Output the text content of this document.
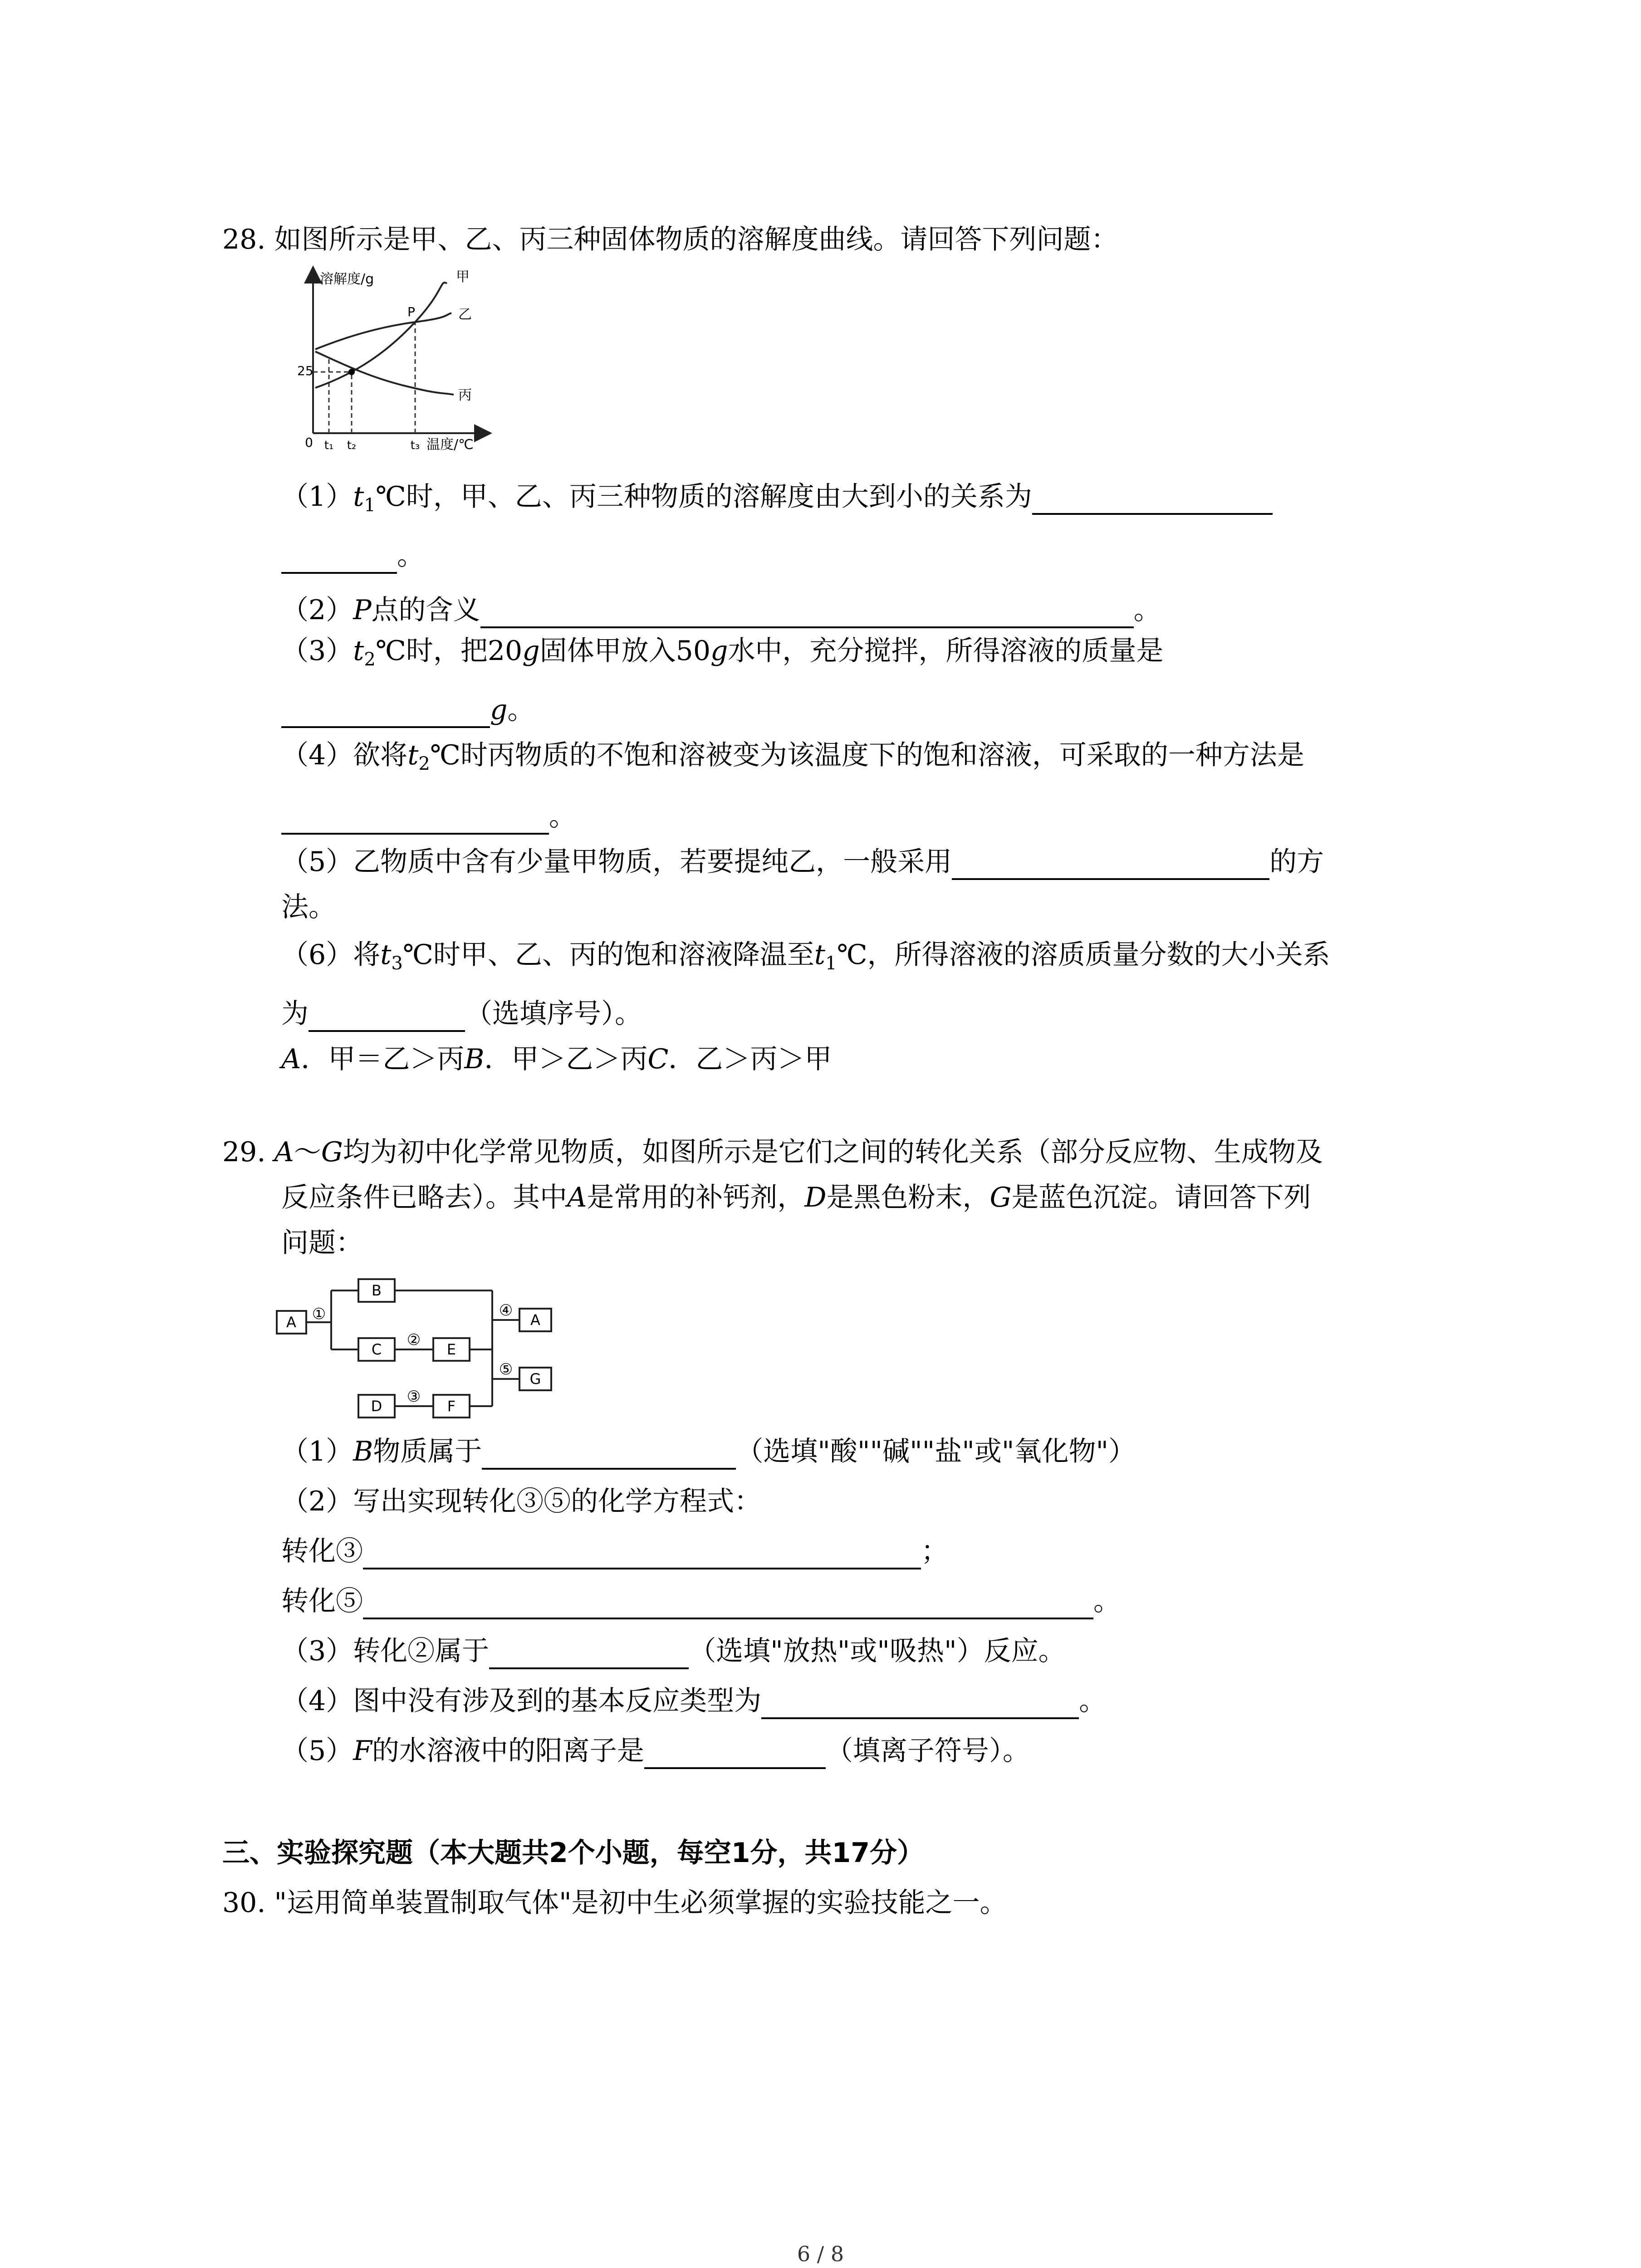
28. 如图所示是甲、乙、丙三种固体物质的溶解度曲线。请回答下列问题：
溶解度/g
温度/℃
0
25
t₁ t₂	t₃
P
甲
乙
丙
$(1)t_1℃$时，甲、乙、丙三种物质的溶解度由大到小的关系为
。
（2）P点的含义	。
$(3)t_2℃$时，把20g固体甲放入50g水中，充分搅拌，所得溶液的质量是
g。
（4）欲将$t_2℃$时丙物质的不饱和溶被变为该温度下的饱和溶液，可采取的一种方法是
。
（5）乙物质中含有少量甲物质，若要提纯乙，一般采用	的方
法。
（6）将$t_3℃$时甲、乙、丙的饱和溶液降温至$t_1℃$，所得溶液的溶质质量分数的大小关系
为	（选填序号）。
A．甲＝乙＞丙B．甲＞乙＞丙C．乙＞丙＞甲
29. A～G均为初中化学常见物质，如图所示是它们之间的转化关系（部分反应物、生成物及
反应条件已略去）。其中A是常用的补钙剂，D是黑色粉末，G是蓝色沉淀。请回答下列
问题：
A
B
C	E
A
G
D	F
①
②
③
④
⑤
（1）B物质属于	（选填"酸""碱""盐"或"氧化物"）
（2）写出实现转化③⑤的化学方程式：
转化③	；
转化⑤	。
（3）转化②属于	（选填"放热"或"吸热"）反应。
（4）图中没有涉及到的基本反应类型为	。
（5）F的水溶液中的阳离子是	（填离子符号）。
三、实验探究题（本大题共2个小题，每空1分，共17分）
30. "运用简单装置制取气体"是初中生必须掌握的实验技能之一。
6 / 8
